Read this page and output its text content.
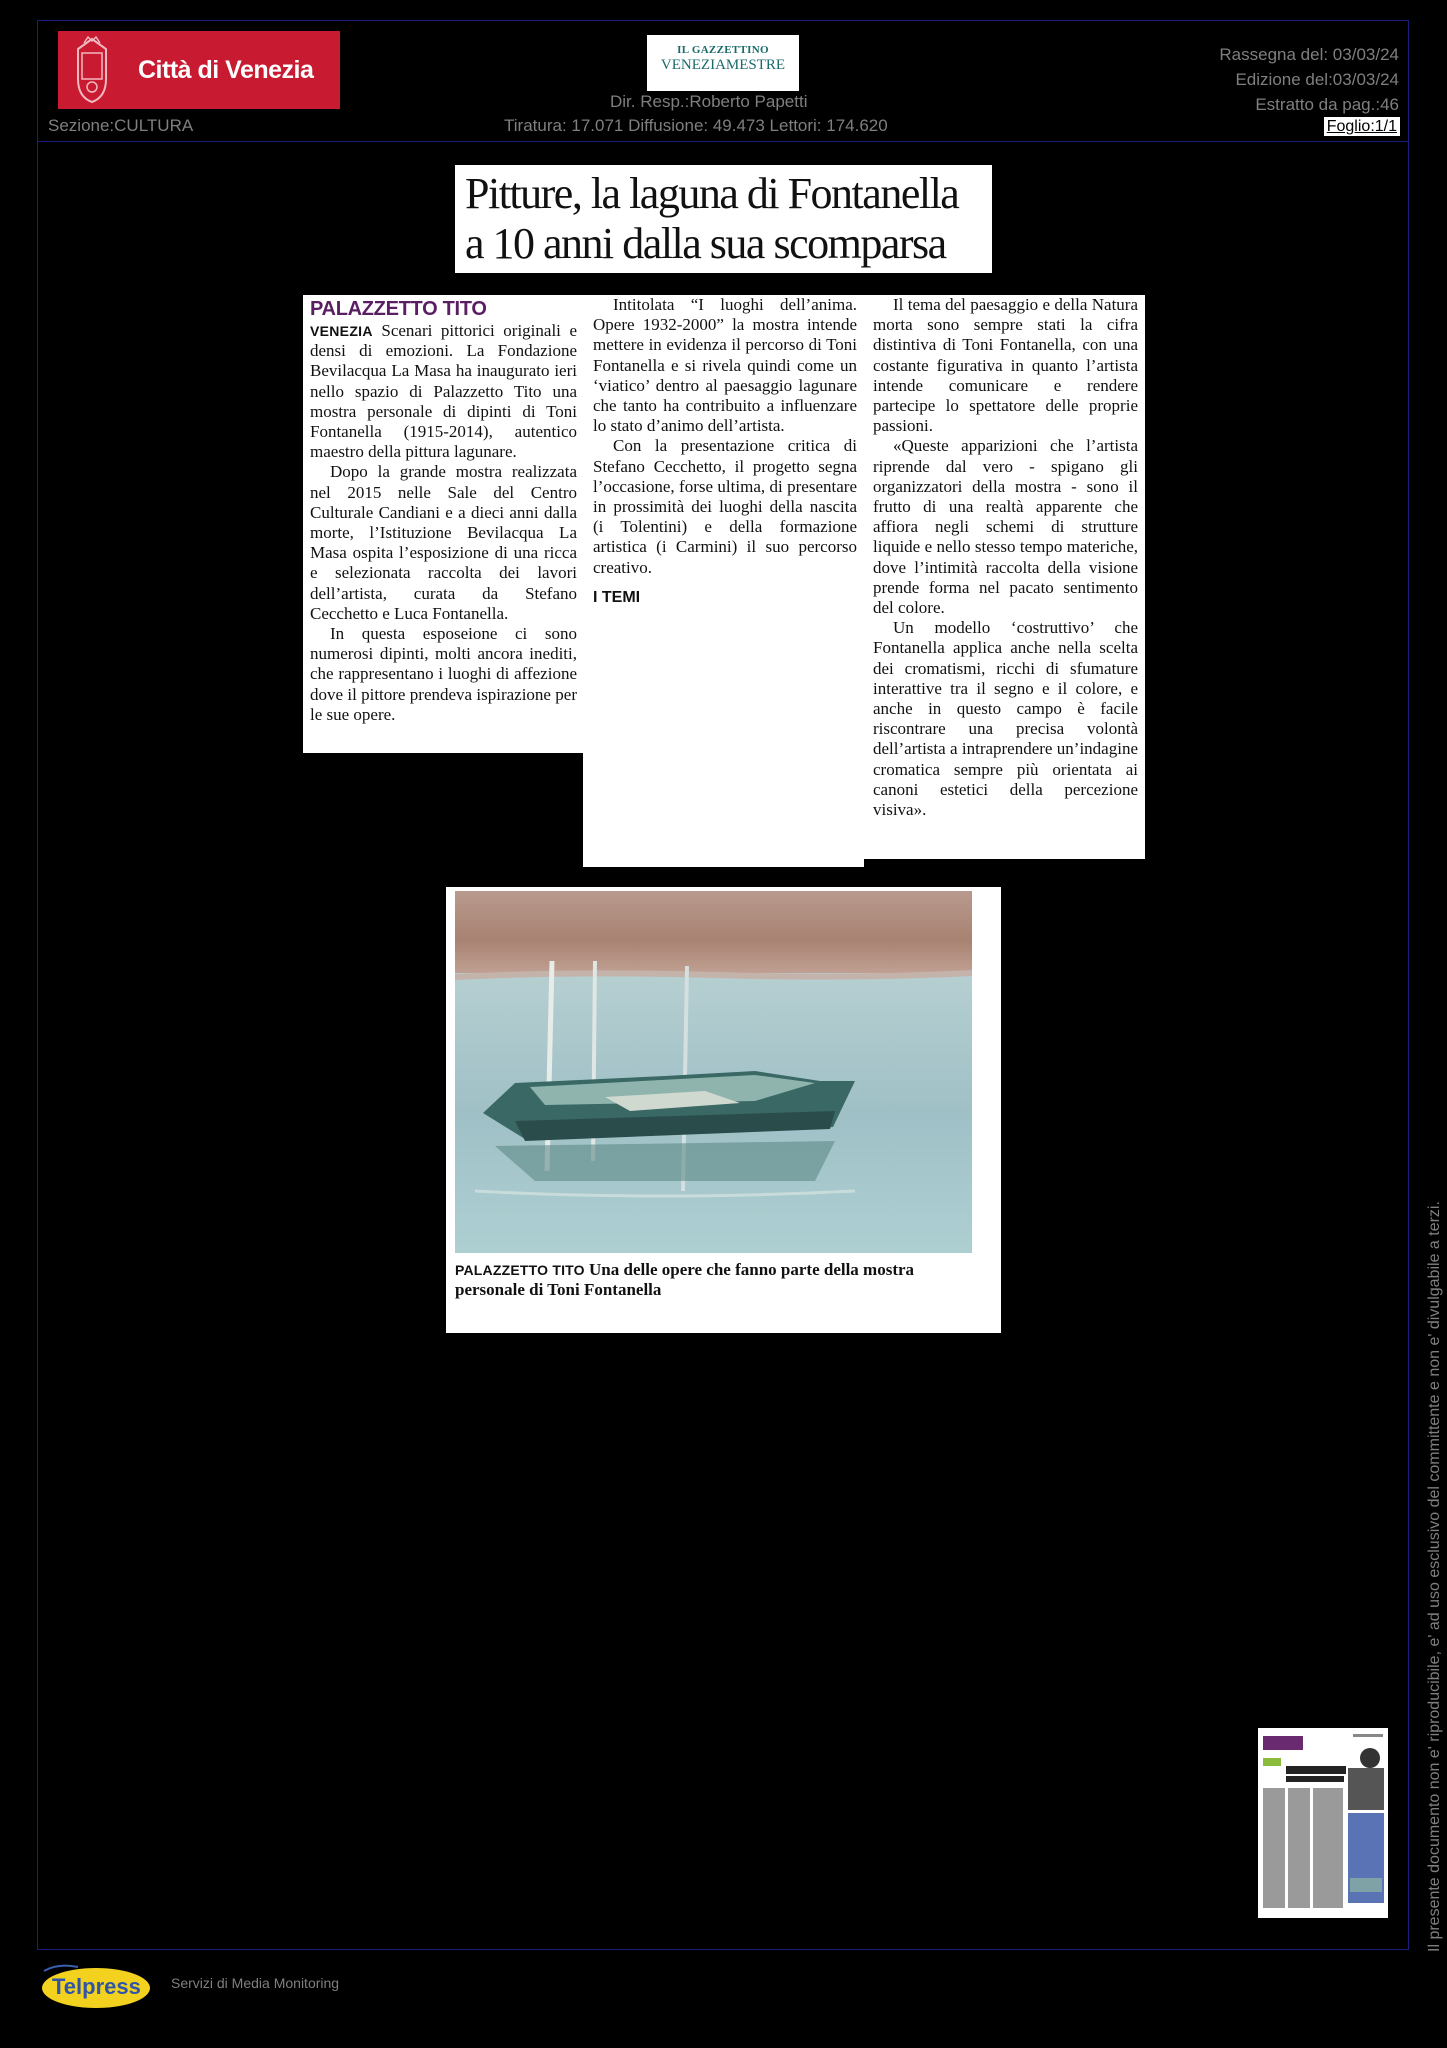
Città di Venezia
IL GAZZETTINO
VENEZIAMESTRE
Dir. Resp.:Roberto Papetti
Tiratura: 17.071 Diffusione: 49.473 Lettori: 174.620
Sezione:CULTURA
Rassegna del: 03/03/24
Edizione del:03/03/24
Estratto da pag.:46
Foglio:1/1
Pitture, la laguna di Fontanella
a 10 anni dalla sua scomparsa
PALAZZETTO TITO

VENEZIA Scenari pittorici originali e densi di emozioni. La Fondazione Bevilacqua La Masa ha inaugurato ieri nello spazio di Palazzetto Tito una mostra personale di dipinti di Toni Fontanella (1915-2014), autentico maestro della pittura lagunare.

Dopo la grande mostra realizzata nel 2015 nelle Sale del Centro Culturale Candiani e a dieci anni dalla morte, l’Istituzione Bevilacqua La Masa ospita l’esposizione di una ricca e selezionata raccolta dei lavori dell’artista, curata da Stefano Cecchetto e Luca Fontanella.

In questa esposeione ci sono numerosi dipinti, molti ancora inediti, che rappresentano i luoghi di affezione dove il pittore prendeva ispirazione per le sue opere.

Intitolata “I luoghi dell’anima. Opere 1932-2000” la mostra intende mettere in evidenza il percorso di Toni Fontanella e si rivela quindi come un ‘viatico’ dentro al paesaggio lagunare che tanto ha contribuito a influenzare lo stato d’animo dell’artista.

Con la presentazione critica di Stefano Cecchetto, il progetto segna l’occasione, forse ultima, di presentare in prossimità dei luoghi della nascita (i Tolentini) e della formazione artistica (i Carmini) il suo percorso creativo.

I TEMI

Il tema del paesaggio e della Natura morta sono sempre stati la cifra distintiva di Toni Fontanella, con una costante figurativa in quanto l’artista intende comunicare e rendere partecipe lo spettatore delle proprie passioni.

«Queste apparizioni che l’artista riprende dal vero - spigano gli organizzatori della mostra - sono il frutto di una realtà apparente che affiora negli schemi di strutture liquide e nello stesso tempo materiche, dove l’intimità raccolta della visione prende forma nel pacato sentimento del colore.

Un modello ‘costruttivo’ che Fontanella applica anche nella scelta dei cromatismi, ricchi di sfumature interattive tra il segno e il colore, e anche in questo campo è facile riscontrare una precisa volontà dell’artista a intraprendere un’indagine cromatica sempre più orientata ai canoni estetici della percezione visiva».

PALAZZETTO TITO Una delle opere che fanno parte della mostra personale di Toni Fontanella	Il presente documento non e' riproducibile, e' ad uso esclusivo del committente e non e' divulgabile a terzi.
Telpress Servizi di Media Monitoring
